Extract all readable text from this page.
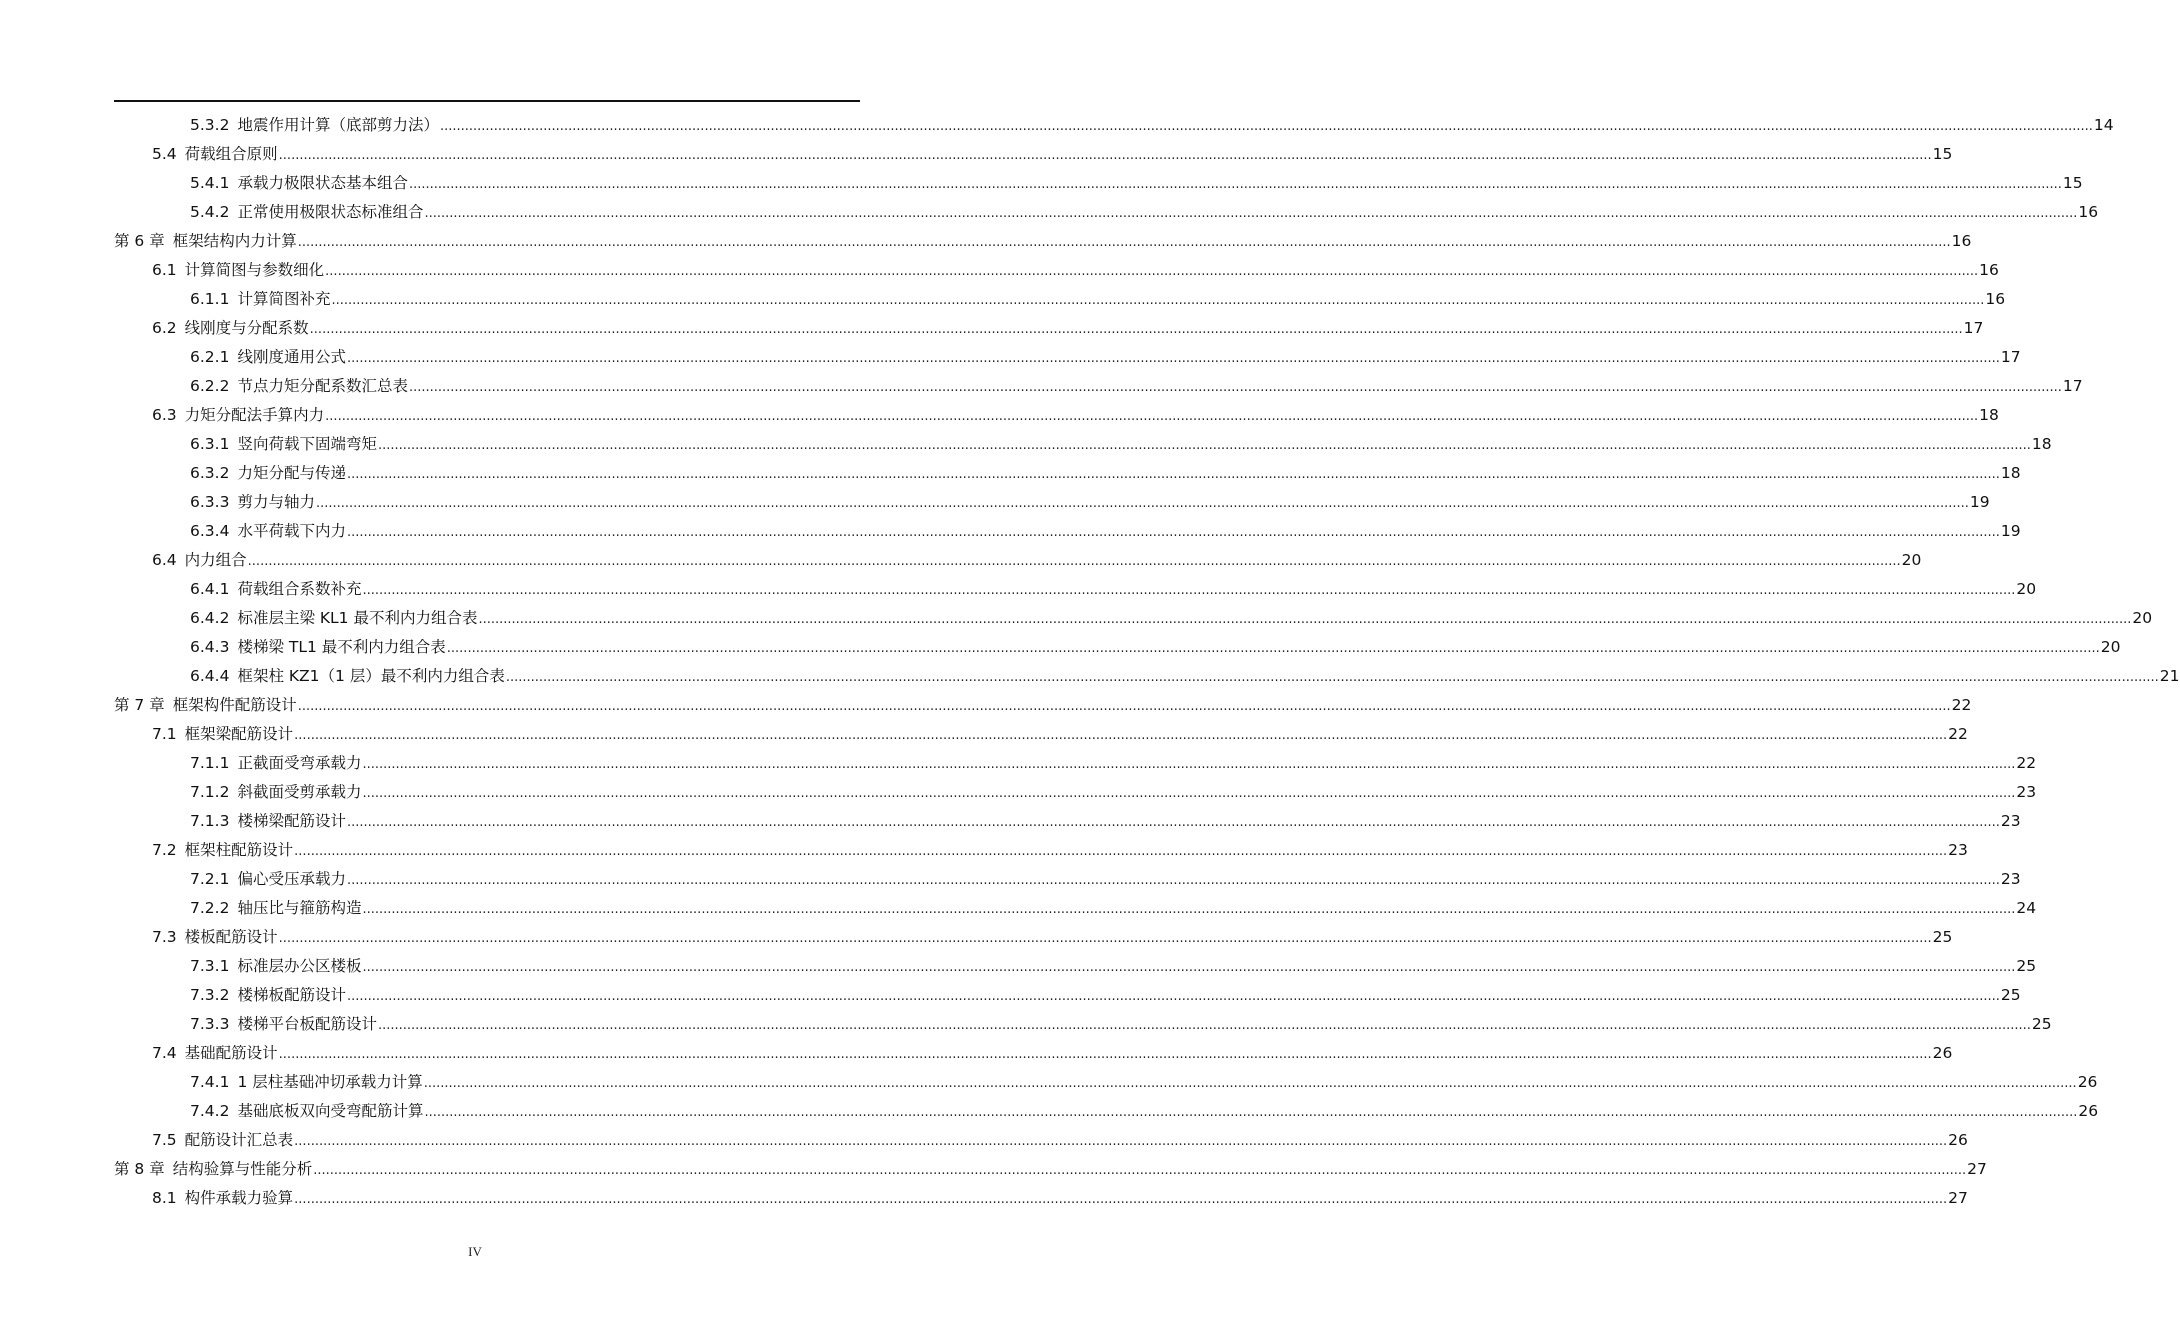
5.3.2 地震作用计算（底部剪力法） ................................................................................................................................................................................................................................................................................................................................................................................................................ 14
5.4 荷载组合原则 ................................................................................................................................................................................................................................................................................................................................................................................................................ 15
5.4.1 承载力极限状态基本组合 ................................................................................................................................................................................................................................................................................................................................................................................................................ 15
5.4.2 正常使用极限状态标准组合 ................................................................................................................................................................................................................................................................................................................................................................................................................ 16
第 6 章 框架结构内力计算 ................................................................................................................................................................................................................................................................................................................................................................................................................ 16
6.1 计算简图与参数细化 ................................................................................................................................................................................................................................................................................................................................................................................................................ 16
6.1.1 计算简图补充 ................................................................................................................................................................................................................................................................................................................................................................................................................ 16
6.2 线刚度与分配系数 ................................................................................................................................................................................................................................................................................................................................................................................................................ 17
6.2.1 线刚度通用公式 ................................................................................................................................................................................................................................................................................................................................................................................................................ 17
6.2.2 节点力矩分配系数汇总表 ................................................................................................................................................................................................................................................................................................................................................................................................................ 17
6.3 力矩分配法手算内力 ................................................................................................................................................................................................................................................................................................................................................................................................................ 18
6.3.1 竖向荷载下固端弯矩 ................................................................................................................................................................................................................................................................................................................................................................................................................ 18
6.3.2 力矩分配与传递 ................................................................................................................................................................................................................................................................................................................................................................................................................ 18
6.3.3 剪力与轴力 ................................................................................................................................................................................................................................................................................................................................................................................................................ 19
6.3.4 水平荷载下内力 ................................................................................................................................................................................................................................................................................................................................................................................................................ 19
6.4 内力组合 ................................................................................................................................................................................................................................................................................................................................................................................................................ 20
6.4.1 荷载组合系数补充 ................................................................................................................................................................................................................................................................................................................................................................................................................ 20
6.4.2 标准层主梁 KL1 最不利内力组合表 ................................................................................................................................................................................................................................................................................................................................................................................................................ 20
6.4.3 楼梯梁 TL1 最不利内力组合表 ................................................................................................................................................................................................................................................................................................................................................................................................................ 20
6.4.4 框架柱 KZ1（1 层）最不利内力组合表 ................................................................................................................................................................................................................................................................................................................................................................................................................ 21
第 7 章 框架构件配筋设计 ................................................................................................................................................................................................................................................................................................................................................................................................................ 22
7.1 框架梁配筋设计 ................................................................................................................................................................................................................................................................................................................................................................................................................ 22
7.1.1 正截面受弯承载力 ................................................................................................................................................................................................................................................................................................................................................................................................................ 22
7.1.2 斜截面受剪承载力 ................................................................................................................................................................................................................................................................................................................................................................................................................ 23
7.1.3 楼梯梁配筋设计 ................................................................................................................................................................................................................................................................................................................................................................................................................ 23
7.2 框架柱配筋设计 ................................................................................................................................................................................................................................................................................................................................................................................................................ 23
7.2.1 偏心受压承载力 ................................................................................................................................................................................................................................................................................................................................................................................................................ 23
7.2.2 轴压比与箍筋构造 ................................................................................................................................................................................................................................................................................................................................................................................................................ 24
7.3 楼板配筋设计 ................................................................................................................................................................................................................................................................................................................................................................................................................ 25
7.3.1 标准层办公区楼板 ................................................................................................................................................................................................................................................................................................................................................................................................................ 25
7.3.2 楼梯板配筋设计 ................................................................................................................................................................................................................................................................................................................................................................................................................ 25
7.3.3 楼梯平台板配筋设计 ................................................................................................................................................................................................................................................................................................................................................................................................................ 25
7.4 基础配筋设计 ................................................................................................................................................................................................................................................................................................................................................................................................................ 26
7.4.1 1 层柱基础冲切承载力计算 ................................................................................................................................................................................................................................................................................................................................................................................................................ 26
7.4.2 基础底板双向受弯配筋计算 ................................................................................................................................................................................................................................................................................................................................................................................................................ 26
7.5 配筋设计汇总表 ................................................................................................................................................................................................................................................................................................................................................................................................................ 26
第 8 章 结构验算与性能分析 ................................................................................................................................................................................................................................................................................................................................................................................................................ 27
8.1 构件承载力验算 ................................................................................................................................................................................................................................................................................................................................................................................................................ 27
IV
